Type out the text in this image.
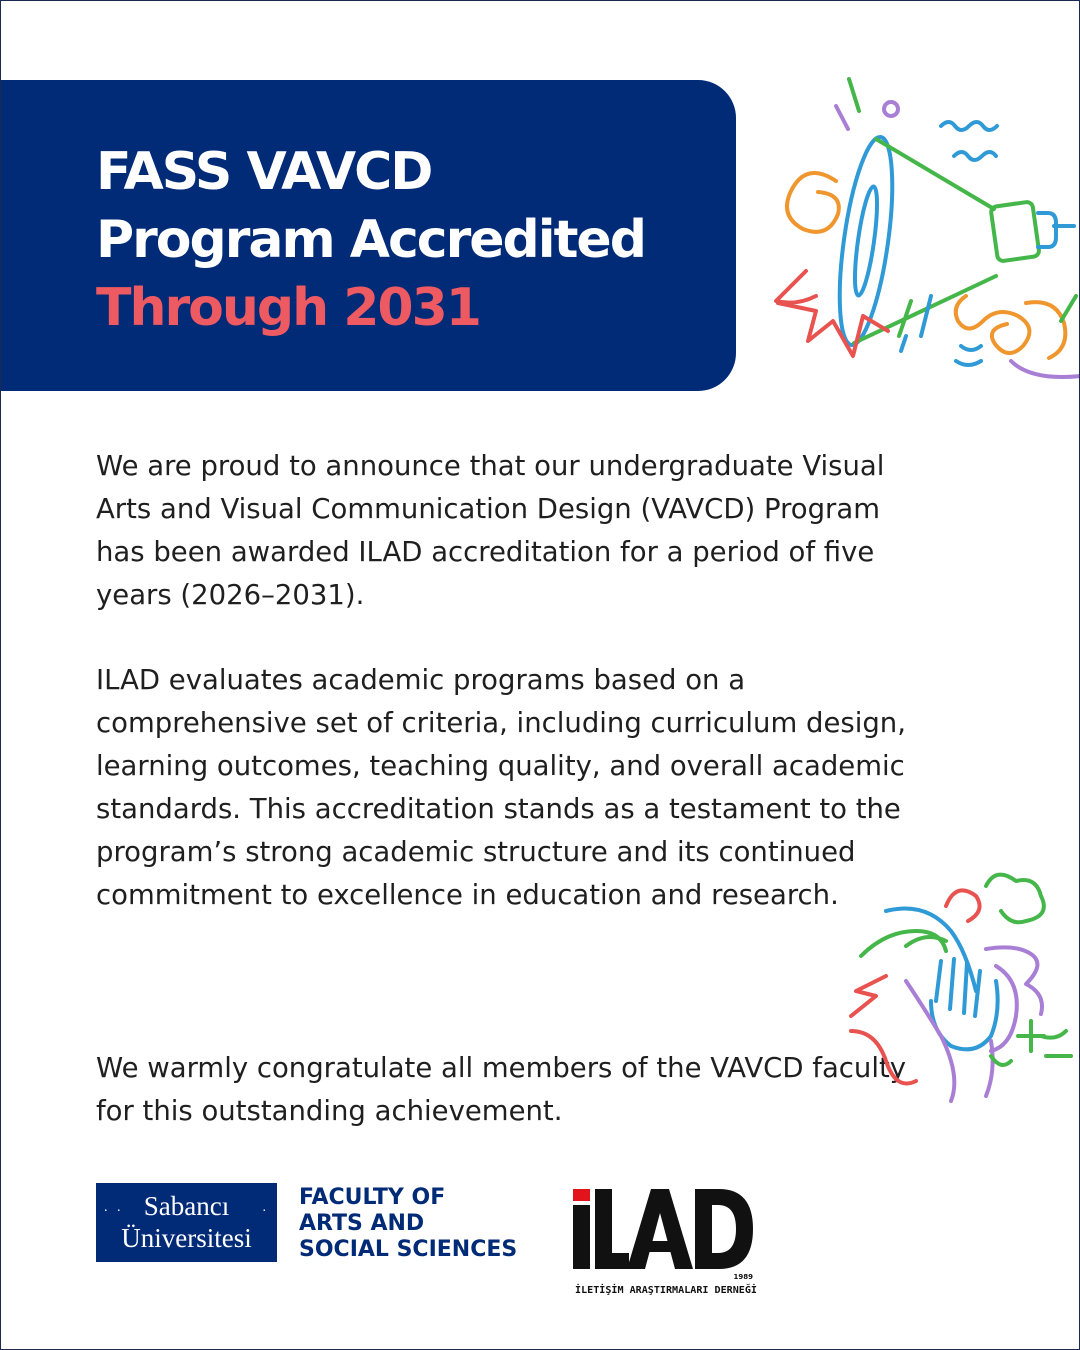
FASS VAVCD
Program Accredited
Through 2031

We are proud to announce that our undergraduate Visual Arts and Visual Communication Design (VAVCD) Program has been awarded ILAD accreditation for a period of five years (2026–2031).

ILAD evaluates academic programs based on a comprehensive set of criteria, including curriculum design, learning outcomes, teaching quality, and overall academic standards. This accreditation stands as a testament to the program’s strong academic structure and its continued commitment to excellence in education and research.

We warmly congratulate all members of the VAVCD faculty for this outstanding achievement.

. .	.
Sabancı
Üniversitesi
FACULTY OF
ARTS AND
SOCIAL SCIENCES
1989
İLETİŞİM ARAŞTIRMALARI DERNEĞİ
